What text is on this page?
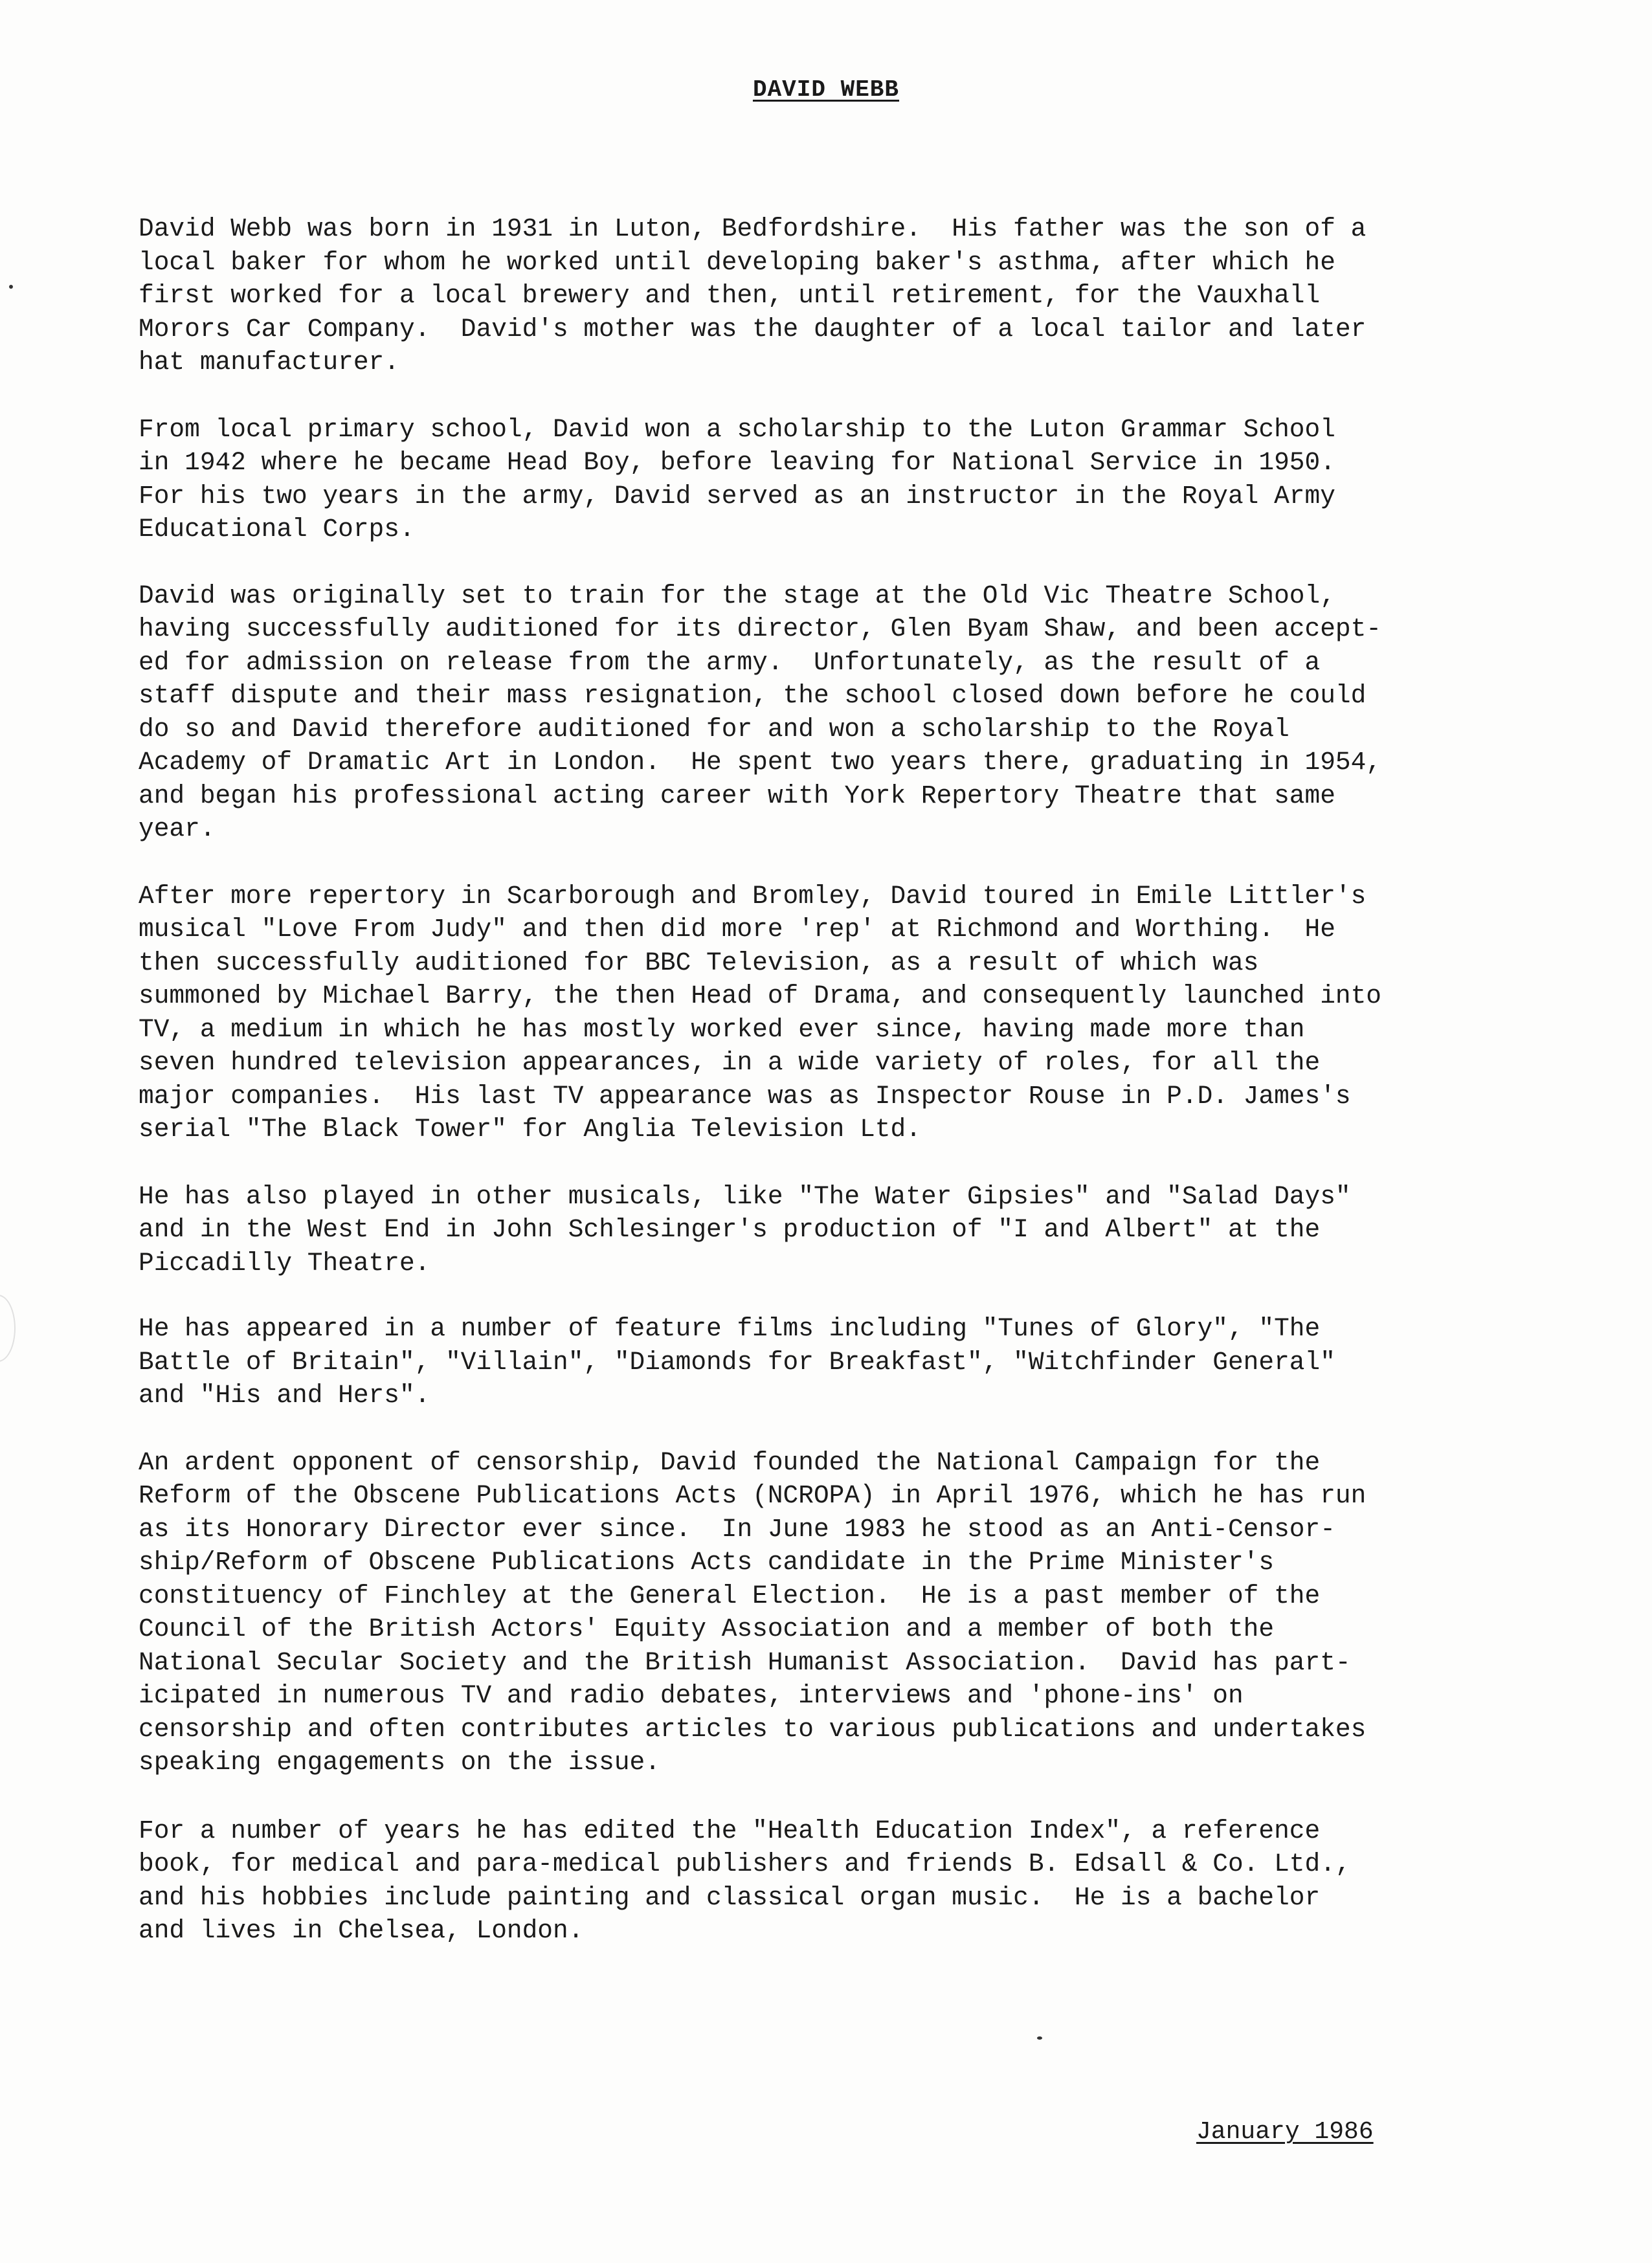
DAVID WEBB

David Webb was born in 1931 in Luton, Bedfordshire.  His father was the son of a
local baker for whom he worked until developing baker's asthma, after which he
first worked for a local brewery and then, until retirement, for the Vauxhall
Morors Car Company.  David's mother was the daughter of a local tailor and later
hat manufacturer.

From local primary school, David won a scholarship to the Luton Grammar School
in 1942 where he became Head Boy, before leaving for National Service in 1950.
For his two years in the army, David served as an instructor in the Royal Army
Educational Corps.

David was originally set to train for the stage at the Old Vic Theatre School,
having successfully auditioned for its director, Glen Byam Shaw, and been accept-
ed for admission on release from the army.  Unfortunately, as the result of a
staff dispute and their mass resignation, the school closed down before he could
do so and David therefore auditioned for and won a scholarship to the Royal
Academy of Dramatic Art in London.  He spent two years there, graduating in 1954,
and began his professional acting career with York Repertory Theatre that same
year.

After more repertory in Scarborough and Bromley, David toured in Emile Littler's
musical "Love From Judy" and then did more 'rep' at Richmond and Worthing.  He
then successfully auditioned for BBC Television, as a result of which was
summoned by Michael Barry, the then Head of Drama, and consequently launched into
TV, a medium in which he has mostly worked ever since, having made more than
seven hundred television appearances, in a wide variety of roles, for all the
major companies.  His last TV appearance was as Inspector Rouse in P.D. James's
serial "The Black Tower" for Anglia Television Ltd.

He has also played in other musicals, like "The Water Gipsies" and "Salad Days"
and in the West End in John Schlesinger's production of "I and Albert" at the
Piccadilly Theatre.

He has appeared in a number of feature films including "Tunes of Glory", "The
Battle of Britain", "Villain", "Diamonds for Breakfast", "Witchfinder General"
and "His and Hers".

An ardent opponent of censorship, David founded the National Campaign for the
Reform of the Obscene Publications Acts (NCROPA) in April 1976, which he has run
as its Honorary Director ever since.  In June 1983 he stood as an Anti-Censor-
ship/Reform of Obscene Publications Acts candidate in the Prime Minister's
constituency of Finchley at the General Election.  He is a past member of the
Council of the British Actors' Equity Association and a member of both the
National Secular Society and the British Humanist Association.  David has part-
icipated in numerous TV and radio debates, interviews and 'phone-ins' on
censorship and often contributes articles to various publications and undertakes
speaking engagements on the issue.

For a number of years he has edited the "Health Education Index", a reference
book, for medical and para-medical publishers and friends B. Edsall & Co. Ltd.,
and his hobbies include painting and classical organ music.  He is a bachelor
and lives in Chelsea, London.

January 1986
